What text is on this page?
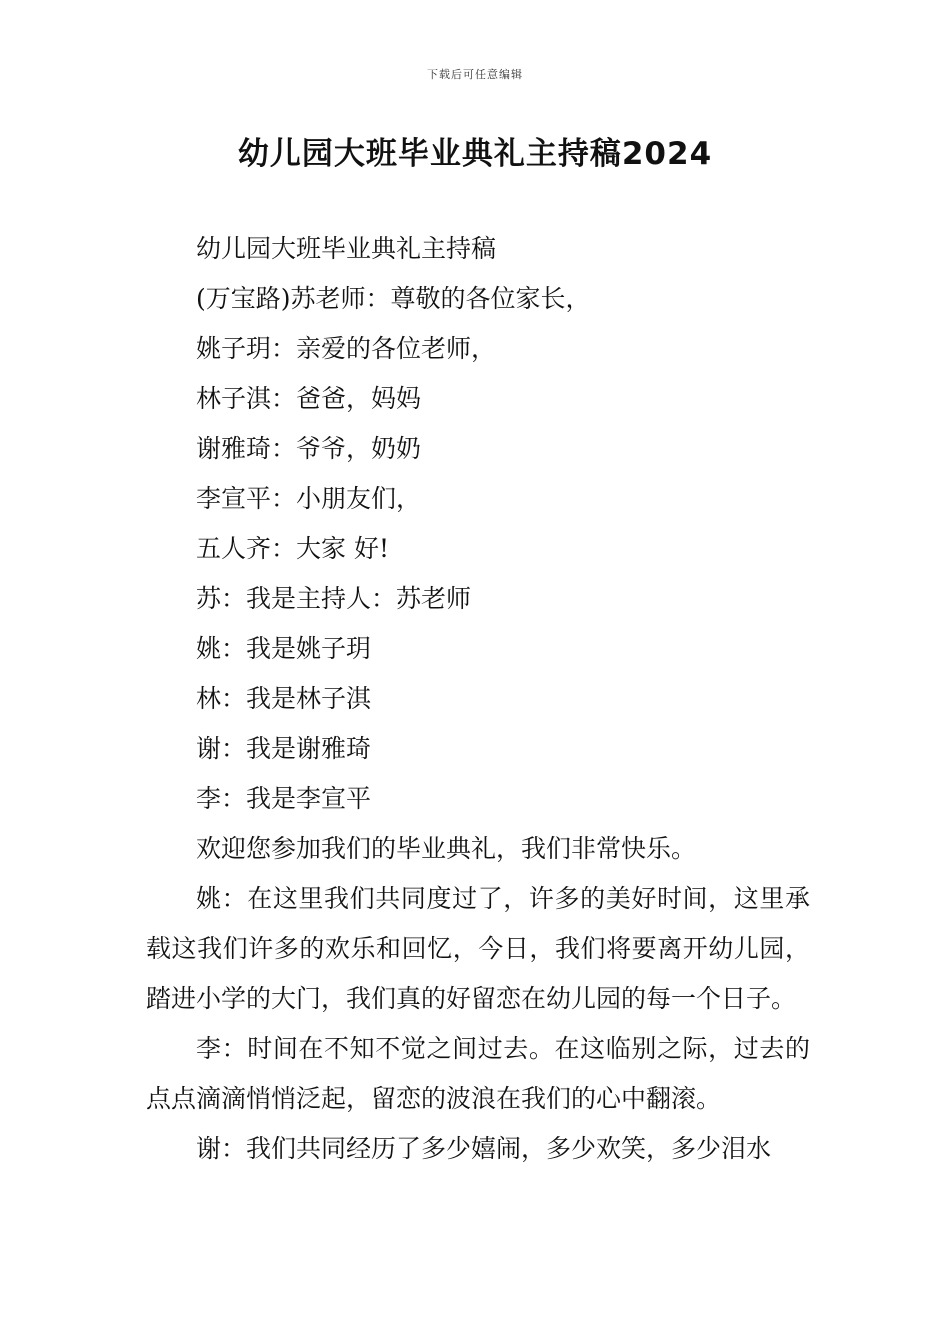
下载后可任意编辑
幼儿园大班毕业典礼主持稿2024
幼儿园大班毕业典礼主持稿
(万宝路)苏老师：尊敬的各位家长，
姚子玥：亲爱的各位老师，
林子淇：爸爸，妈妈
谢雅琦：爷爷，奶奶
李宣平：小朋友们，
五人齐：大家 好!
苏：我是主持人：苏老师
姚：我是姚子玥
林：我是林子淇
谢：我是谢雅琦
李：我是李宣平
欢迎您参加我们的毕业典礼，我们非常快乐。
姚：在这里我们共同度过了，许多的美好时间，这里承载这我们许多的欢乐和回忆，今日，我们将要离开幼儿园，踏进小学的大门，我们真的好留恋在幼儿园的每一个日子。
李：时间在不知不觉之间过去。在这临别之际，过去的点点滴滴悄悄泛起，留恋的波浪在我们的心中翻滚。
谢：我们共同经历了多少嬉闹，多少欢笑，多少泪水
